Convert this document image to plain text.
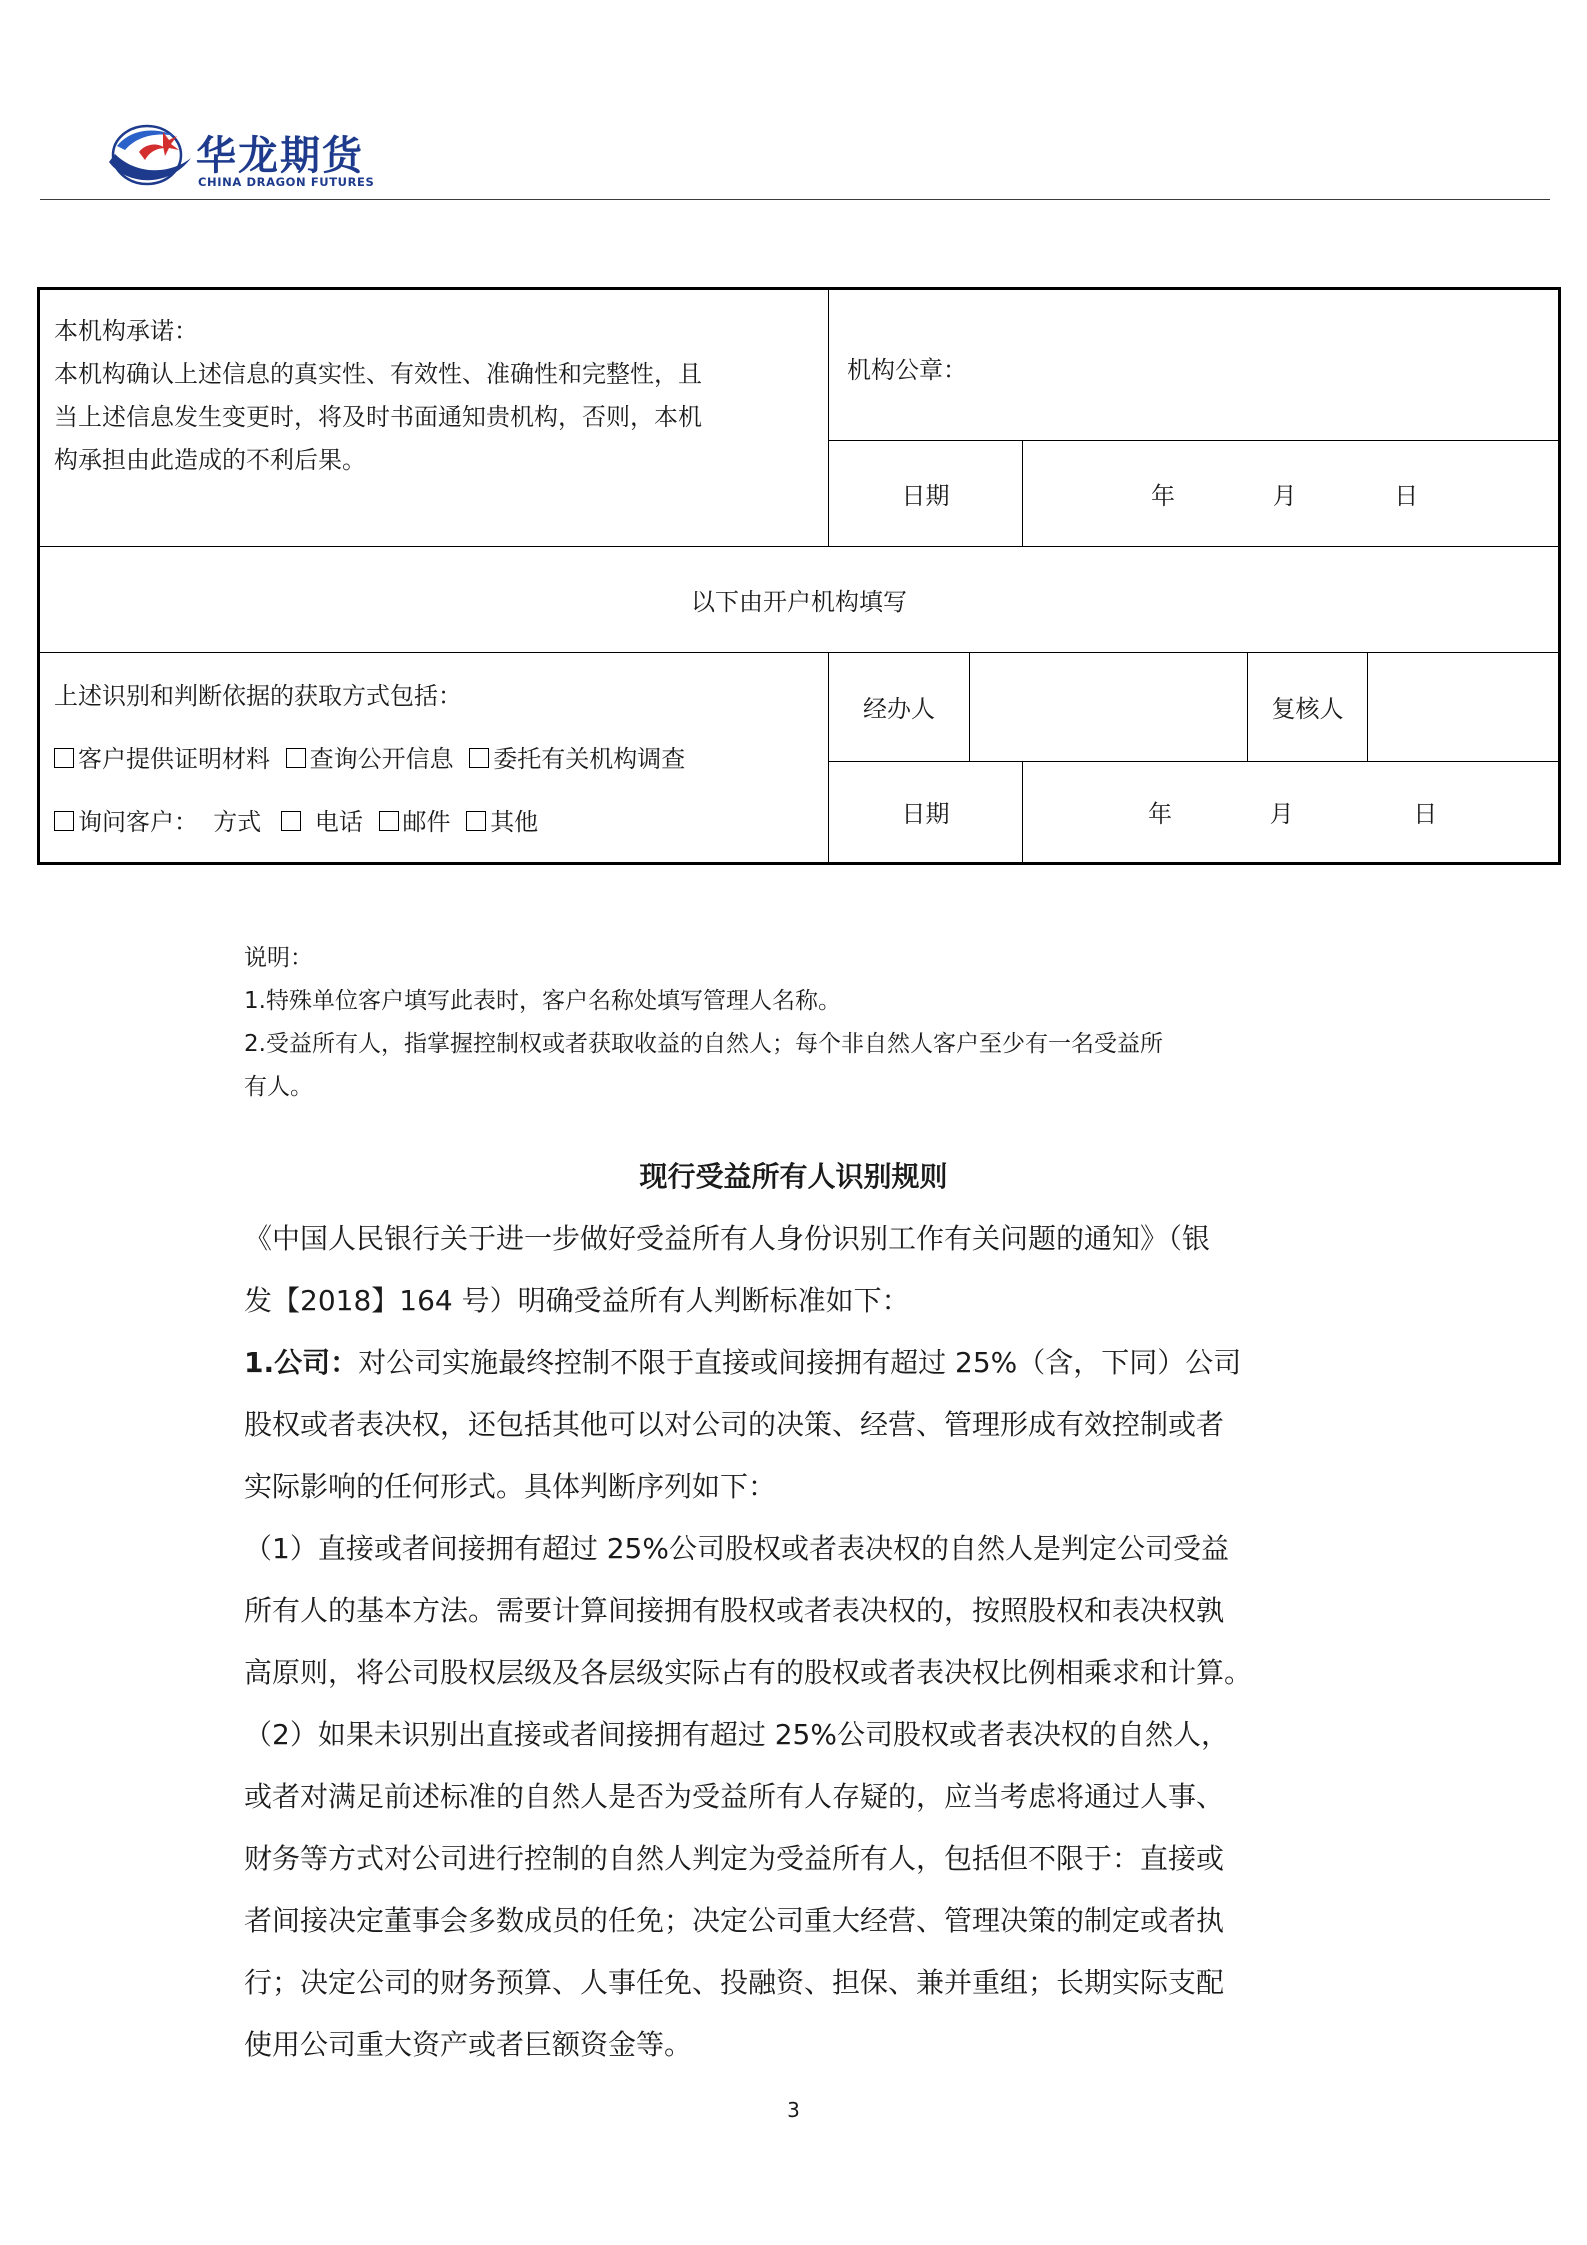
华龙期货
CHINA DRAGON FUTURES
本机构承诺：
本机构确认上述信息的真实性、有效性、准确性和完整性，且
当上述信息发生变更时，将及时书面通知贵机构，否则，本机
构承担由此造成的不利后果。	机构公章：				

	日期		年 月 日		
以下由开户机构填写					

上述识别和判断依据的获取方式包括：
客户提供证明材料 查询公开信息 委托有关机构调查
询问客户：  方式 电话 邮件 其他	经办人			复核人	
	日期		年 月 日		
说明：
1.特殊单位客户填写此表时，客户名称处填写管理人名称。
2.受益所有人，指掌握控制权或者获取收益的自然人；每个非自然人客户至少有一名受益所
有人。
现行受益所有人识别规则

《中国人民银行关于进一步做好受益所有人身份识别工作有关问题的通知》（银

发【2018】164 号）明确受益所有人判断标准如下：

1.公司：对公司实施最终控制不限于直接或间接拥有超过 25%（含，下同）公司

股权或者表决权，还包括其他可以对公司的决策、经营、管理形成有效控制或者

实际影响的任何形式。具体判断序列如下：

（1）直接或者间接拥有超过 25%公司股权或者表决权的自然人是判定公司受益

所有人的基本方法。需要计算间接拥有股权或者表决权的，按照股权和表决权孰

高原则，将公司股权层级及各层级实际占有的股权或者表决权比例相乘求和计算。

（2）如果未识别出直接或者间接拥有超过 25%公司股权或者表决权的自然人，

或者对满足前述标准的自然人是否为受益所有人存疑的，应当考虑将通过人事、

财务等方式对公司进行控制的自然人判定为受益所有人，包括但不限于：直接或

者间接决定董事会多数成员的任免；决定公司重大经营、管理决策的制定或者执

行；决定公司的财务预算、人事任免、投融资、担保、兼并重组；长期实际支配

使用公司重大资产或者巨额资金等。

3
